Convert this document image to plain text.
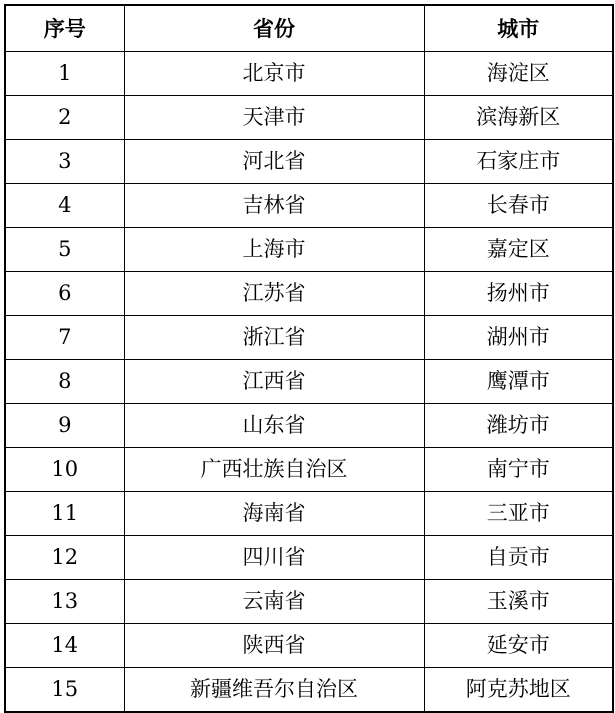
序号	省份	城市
1	北京市	海淀区
2	天津市	滨海新区
3	河北省	石家庄市
4	吉林省	长春市
5	上海市	嘉定区
6	江苏省	扬州市
7	浙江省	湖州市
8	江西省	鹰潭市
9	山东省	潍坊市
10	广西壮族自治区	南宁市
11	海南省	三亚市
12	四川省	自贡市
13	云南省	玉溪市
14	陕西省	延安市
15	新疆维吾尔自治区	阿克苏地区
